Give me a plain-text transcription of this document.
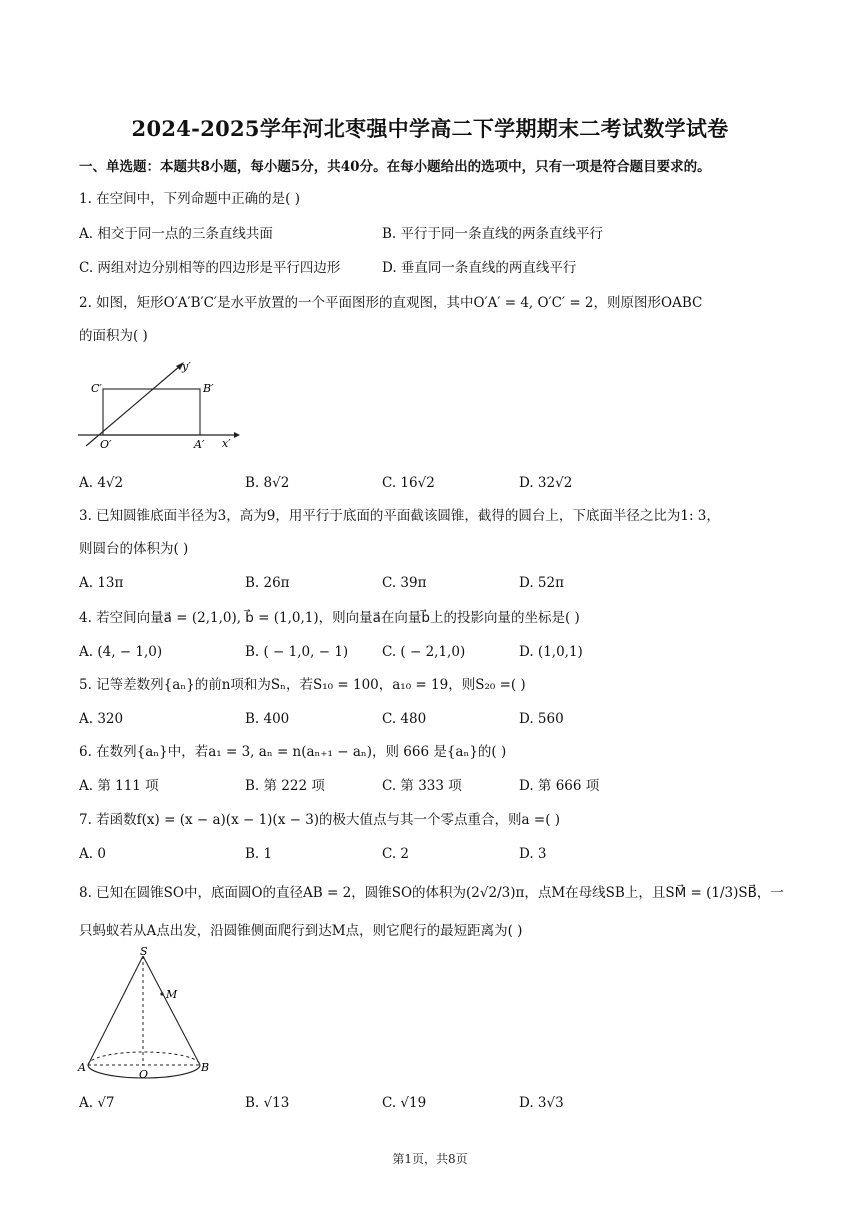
2024-2025学年河北枣强中学高二下学期期末二考试数学试卷
一、单选题：本题共8小题，每小题5分，共40分。在每小题给出的选项中，只有一项是符合题目要求的。
1. 在空间中，下列命题中正确的是( )
A. 相交于同一点的三条直线共面	B. 平行于同一条直线的两条直线平行
C. 两组对边分别相等的四边形是平行四边形	D. 垂直同一条直线的两直线平行
2. 如图，矩形O′A′B′C′是水平放置的一个平面图形的直观图，其中O′A′ = 4, O′C′ = 2，则原图形OABC
的面积为( )
C′	B′
O′	A′ x′
y′
A. 4√2	B. 8√2	C. 16√2	D. 32√2
3. 已知圆锥底面半径为3，高为9，用平行于底面的平面截该圆锥，截得的圆台上，下底面半径之比为1: 3，
则圆台的体积为( )
A. 13π	B. 26π	C. 39π	D. 52π
4. 若空间向量a⃗ = (2,1,0), b⃗ = (1,0,1)，则向量a⃗在向量b⃗上的投影向量的坐标是( )
A. (4, − 1,0)	B. ( − 1,0, − 1)	C. ( − 2,1,0)	D. (1,0,1)
5. 记等差数列{aₙ}的前n项和为Sₙ，若S₁₀ = 100，a₁₀ = 19，则S₂₀ =( )
A. 320	B. 400	C. 480	D. 560
6. 在数列{aₙ}中，若a₁ = 3, aₙ = n(aₙ₊₁ − aₙ)，则 666 是{aₙ}的( )
A. 第 111 项	B. 第 222 项	C. 第 333 项	D. 第 666 项
7. 若函数f(x) = (x − a)(x − 1)(x − 3)的极大值点与其一个零点重合，则a =( )
A. 0	B. 1	C. 2	D. 3
8. 已知在圆锥SO中，底面圆O的直径AB = 2，圆锥SO的体积为(2√2/3)π，点M在母线SB上，且SM⃗ = (1/3)SB⃗，一
只蚂蚁若从A点出发，沿圆锥侧面爬行到达M点，则它爬行的最短距离为( )
S
M
A
O
B
A. √7	B. √13	C. √19	D. 3√3
第1页，共8页
